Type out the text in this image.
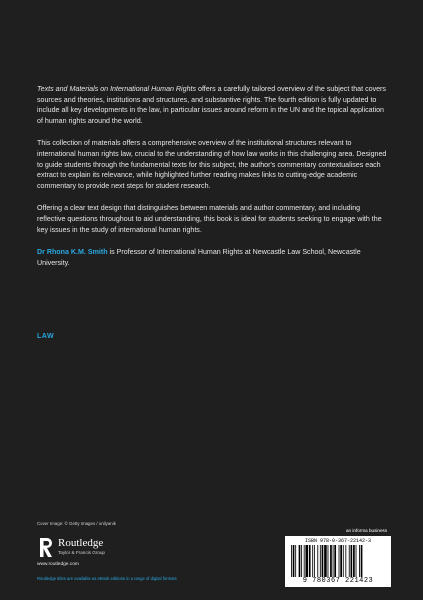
Texts and Materials on International Human Rights offers a carefully tailored overview of the subject that covers sources and theories, institutions and structures, and substantive rights. The fourth edition is fully updated to include all key developments in the law, in particular issues around reform in the UN and the topical application of human rights around the world.

This collection of materials offers a comprehensive overview of the institutional structures relevant to international human rights law, crucial to the understanding of how law works in this challenging area. Designed to guide students through the fundamental texts for this subject, the author's commentary contextualises each extract to explain its relevance, while highlighted further reading makes links to cutting-edge academic commentary to provide next steps for student research.

Offering a clear text design that distinguishes between materials and author commentary, and including reflective questions throughout to aid understanding, this book is ideal for students seeking to engage with the key issues in the study of international human rights.

Dr Rhona K.M. Smith is Professor of International Human Rights at Newcastle Law School, Newcastle University.

LAW
Cover Image: © Getty Images / onilyanik
Routledge
Taylor & Francis Group
www.routledge.com
Routledge titles are available as eBook editions in a range of digital formats
an informa business
ISBN 978-0-367-22142-3
9 780367 221423
